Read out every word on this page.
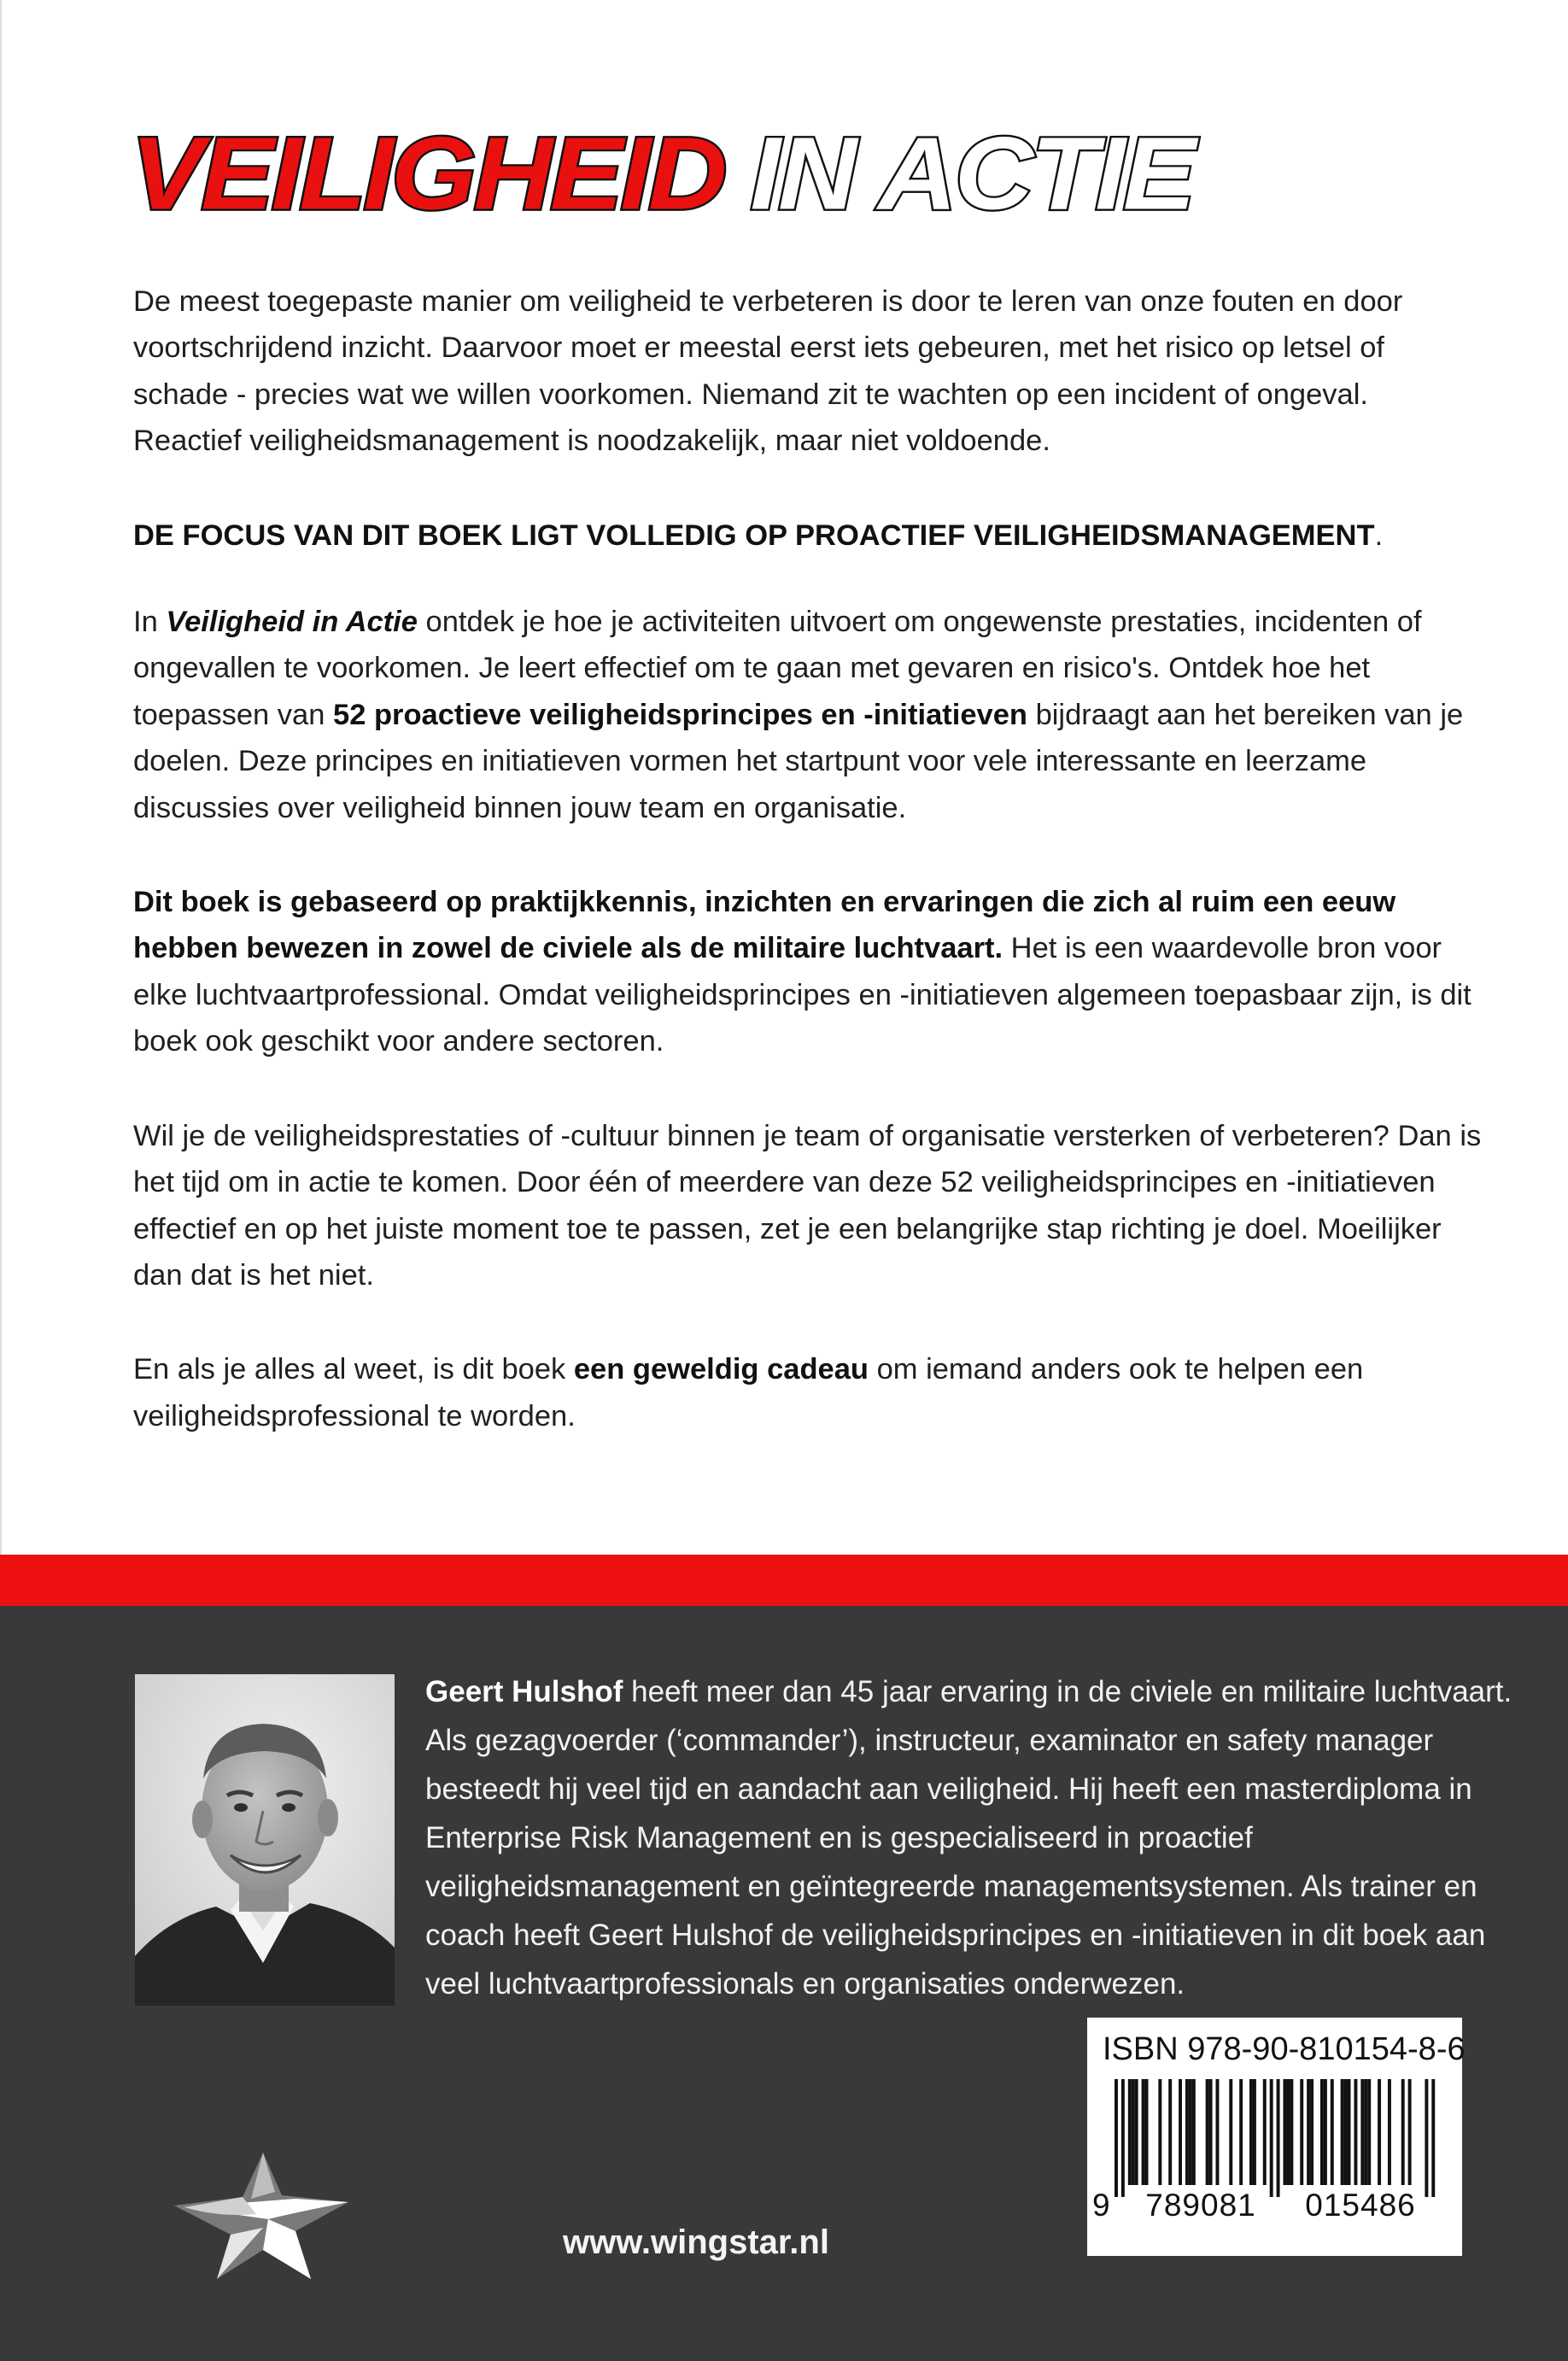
VEILIGHEID IN ACTIE

De meest toegepaste manier om veiligheid te verbeteren is door te leren van onze fouten en door voortschrijdend inzicht. Daarvoor moet er meestal eerst iets gebeuren, met het risico op letsel of schade - precies wat we willen voorkomen. Niemand zit te wachten op een incident of ongeval. Reactief veiligheidsmanagement is noodzakelijk, maar niet voldoende.

DE FOCUS VAN DIT BOEK LIGT VOLLEDIG OP PROACTIEF VEILIGHEIDSMANAGEMENT.

In Veiligheid in Actie ontdek je hoe je activiteiten uitvoert om ongewenste prestaties, incidenten of ongevallen te voorkomen. Je leert effectief om te gaan met gevaren en risico's. Ontdek hoe het toepassen van 52 proactieve veiligheidsprincipes en -initiatieven bijdraagt aan het bereiken van je doelen. Deze principes en initiatieven vormen het startpunt voor vele interessante en leerzame discussies over veiligheid binnen jouw team en organisatie.

Dit boek is gebaseerd op praktijkkennis, inzichten en ervaringen die zich al ruim een eeuw hebben bewezen in zowel de civiele als de militaire luchtvaart. Het is een waardevolle bron voor elke luchtvaartprofessional. Omdat veiligheidsprincipes en -initiatieven algemeen toepasbaar zijn, is dit boek ook geschikt voor andere sectoren.

Wil je de veiligheidsprestaties of -cultuur binnen je team of organisatie versterken of verbeteren? Dan is het tijd om in actie te komen. Door één of meerdere van deze 52 veiligheidsprincipes en -initiatieven effectief en op het juiste moment toe te passen, zet je een belangrijke stap richting je doel. Moeilijker dan dat is het niet.

En als je alles al weet, is dit boek een geweldig cadeau om iemand anders ook te helpen een veiligheidsprofessional te worden.

Geert Hulshof heeft meer dan 45 jaar ervaring in de civiele en militaire luchtvaart. Als gezagvoerder (‘commander’), instructeur, examinator en safety manager besteedt hij veel tijd en aandacht aan veiligheid. Hij heeft een masterdiploma in Enterprise Risk Management en is gespecialiseerd in proactief veiligheidsmanagement en geïntegreerde managementsystemen. Als trainer en coach heeft Geert Hulshof de veiligheidsprincipes en -initiatieven in dit boek aan veel luchtvaartprofessionals en organisaties onderwezen.

ISBN 978-90-810154-8-6

9	789081	015486

www.wingstar.nl
